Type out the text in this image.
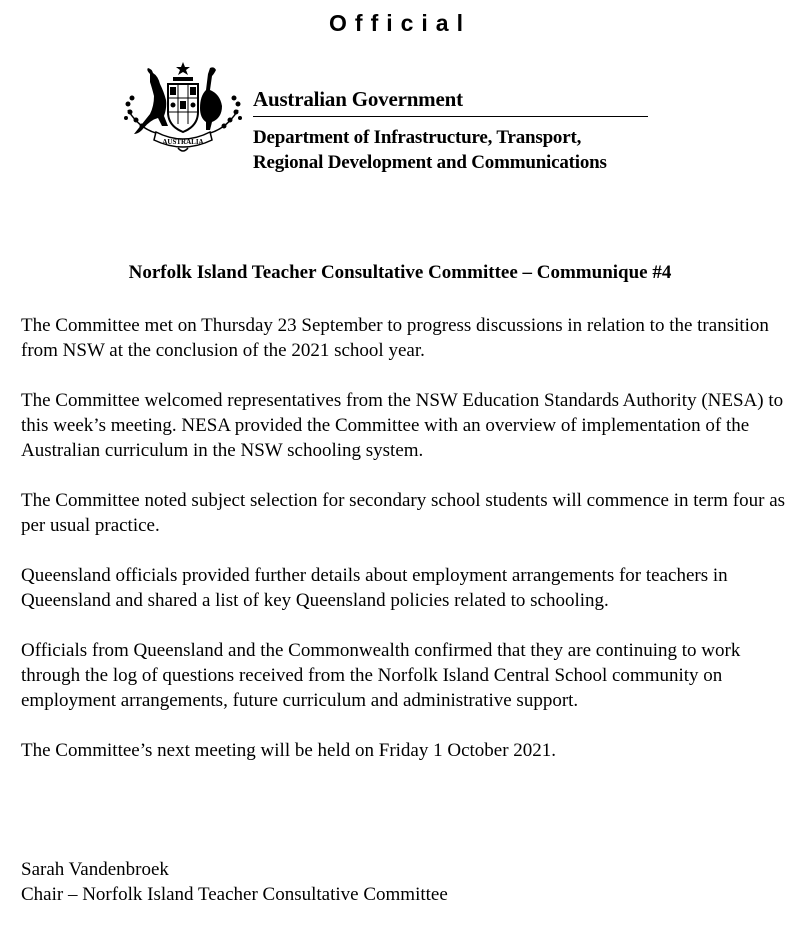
Official
AUSTRALIA
Australian Government
Department of Infrastructure, Transport,
Regional Development and Communications
Norfolk Island Teacher Consultative Committee – Communique #4

The Committee met on Thursday 23 September to progress discussions in relation to the transition from NSW at the conclusion of the 2021 school year.

The Committee welcomed representatives from the NSW Education Standards Authority (NESA) to this week’s meeting. NESA provided the Committee with an overview of implementation of the Australian curriculum in the NSW schooling system.

The Committee noted subject selection for secondary school students will commence in term four as per usual practice.

Queensland officials provided further details about employment arrangements for teachers in Queensland and shared a list of key Queensland policies related to schooling.

Officials from Queensland and the Commonwealth confirmed that they are continuing to work through the log of questions received from the Norfolk Island Central School community on employment arrangements, future curriculum and administrative support.

The Committee’s next meeting will be held on Friday 1 October 2021.

Sarah Vandenbroek
Chair – Norfolk Island Teacher Consultative Committee
